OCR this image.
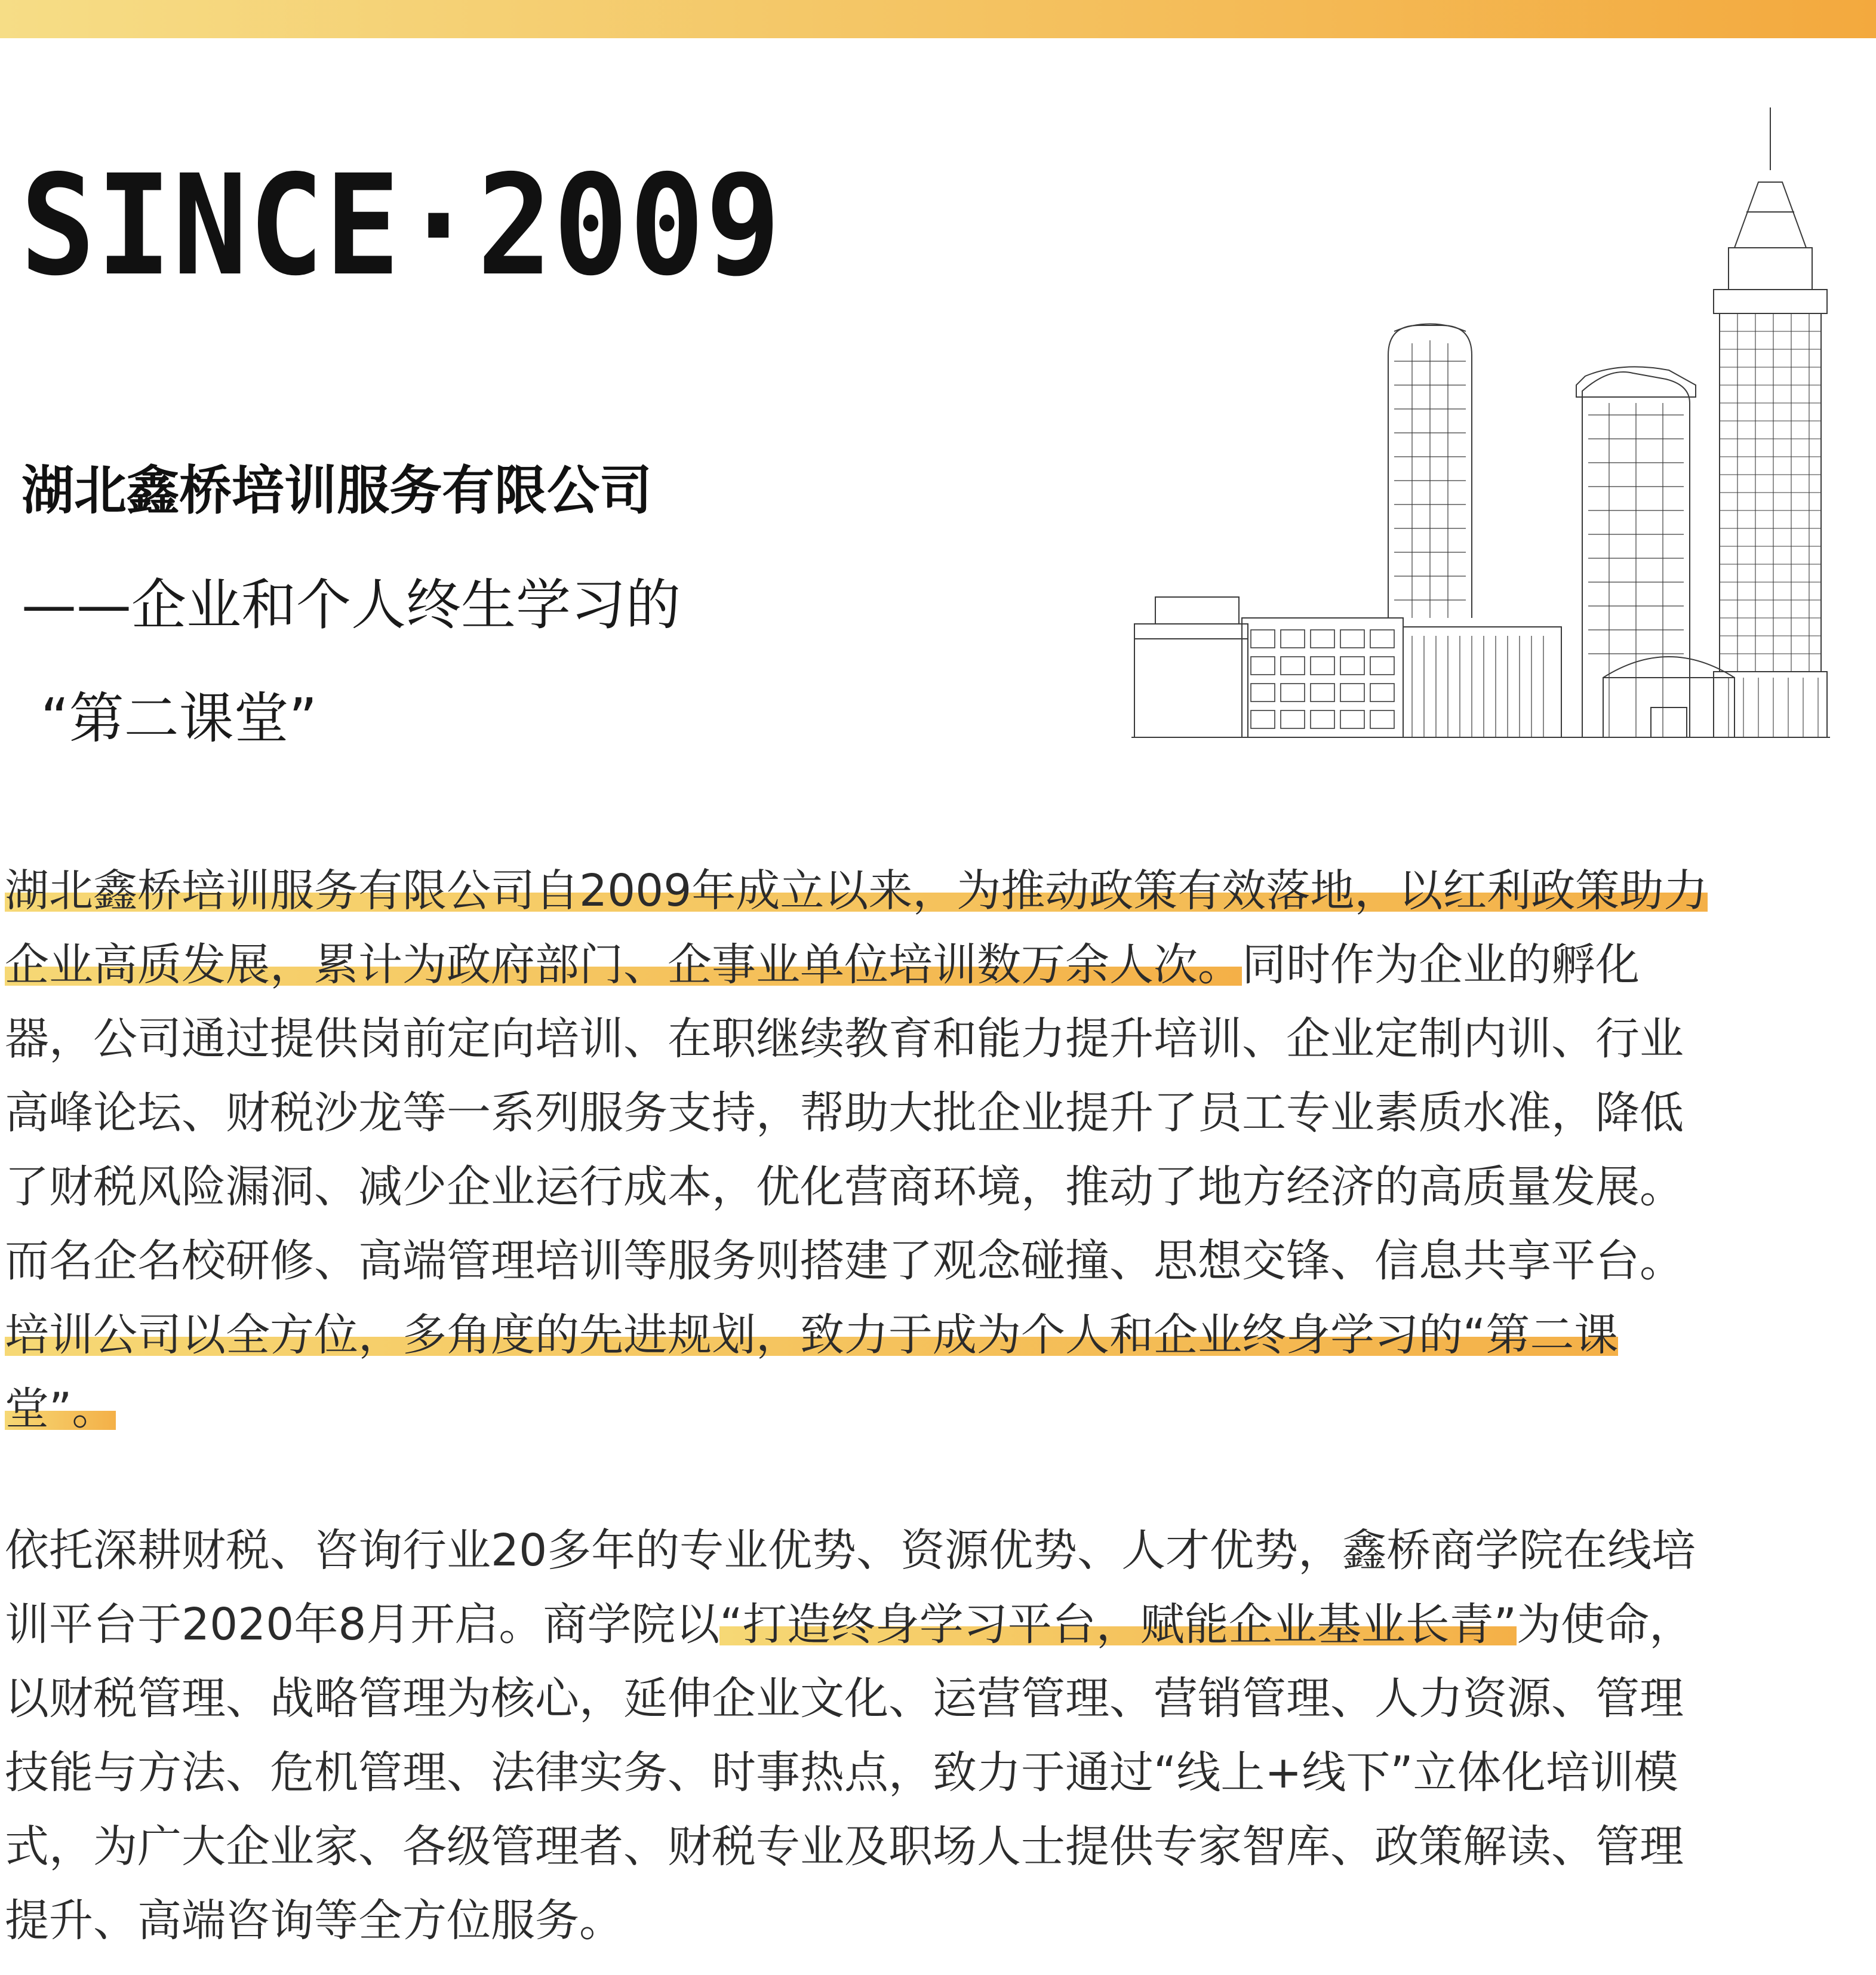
SINCE·2009
湖北鑫桥培训服务有限公司
——企业和个人终生学习的
“第二课堂”
湖北鑫桥培训服务有限公司自2009年成立以来，为推动政策有效落地，以红利政策助力
企业高质发展，累计为政府部门、企事业单位培训数万余人次。同时作为企业的孵化
器，公司通过提供岗前定向培训、在职继续教育和能力提升培训、企业定制内训、行业
高峰论坛、财税沙龙等一系列服务支持，帮助大批企业提升了员工专业素质水准，降低
了财税风险漏洞、减少企业运行成本，优化营商环境，推动了地方经济的高质量发展。
而名企名校研修、高端管理培训等服务则搭建了观念碰撞、思想交锋、信息共享平台。
培训公司以全方位，多角度的先进规划，致力于成为个人和企业终身学习的“第二课
堂”。
依托深耕财税、咨询行业20多年的专业优势、资源优势、人才优势，鑫桥商学院在线培
训平台于2020年8月开启。商学院以“打造终身学习平台，赋能企业基业长青”为使命，
以财税管理、战略管理为核心，延伸企业文化、运营管理、营销管理、人力资源、管理
技能与方法、危机管理、法律实务、时事热点，致力于通过“线上+线下”立体化培训模
式，为广大企业家、各级管理者、财税专业及职场人士提供专家智库、政策解读、管理
提升、高端咨询等全方位服务。
